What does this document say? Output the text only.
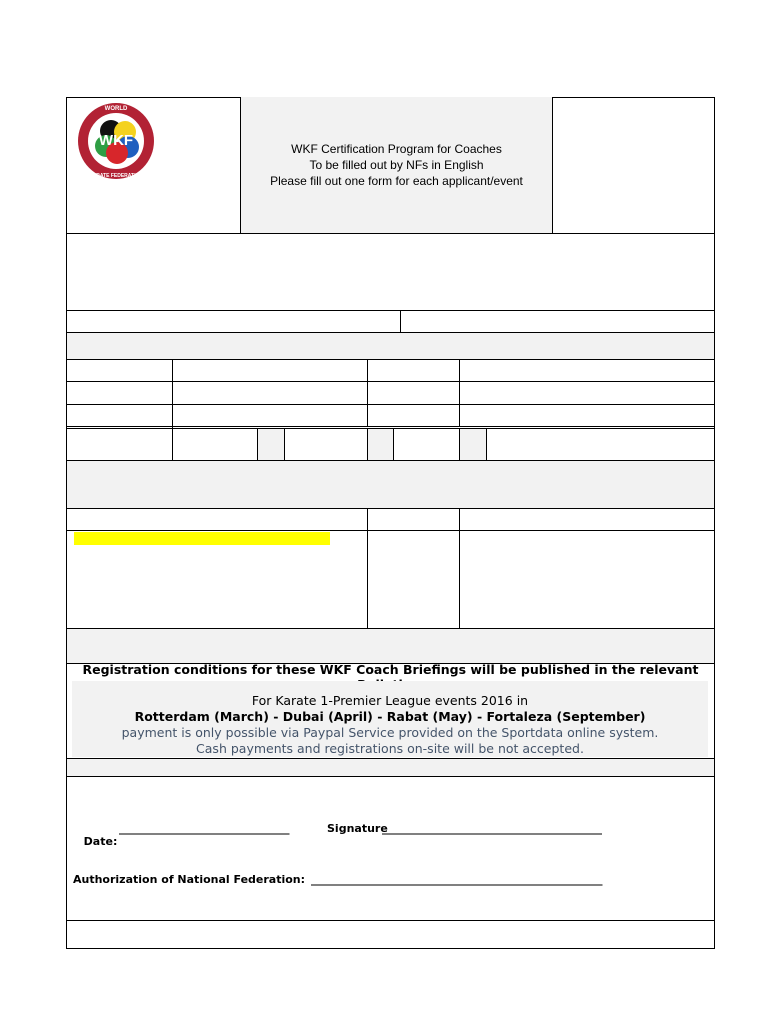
WKF Certification Program for Coaches
To be filled out by NFs in English
Please fill out one form for each applicant/event
WKF
WORLD
KARATE FEDERATION
Registration conditions for these WKF Coach Briefings will be published in the relevant
For Karate 1-Premier League events 2016 in
Rotterdam (March) - Dubai (April) - Rabat (May) - Fortaleza (September)
payment is only possible via Paypal Service provided on the Sportdata online system.
Cash payments and registrations on-site will be not accepted.

Date:

_______________________________	Signature
________________________________________
Authorization of National Federation: _____________________________________________________
